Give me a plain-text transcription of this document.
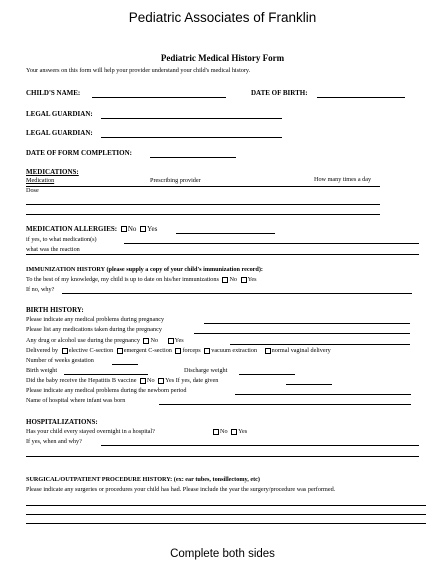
Pediatric Associates of Franklin
Pediatric Medical History Form
Your answers on this form will help your provider understand your child's medical history.
CHILD'S NAME:	DATE OF BIRTH:
LEGAL GUARDIAN:
LEGAL GUARDIAN:
DATE OF FORM COMPLETION:
MEDICATIONS:
Medication	Prescribing provider	How many times a day
Dose
MEDICATION ALLERGIES: No Yes
if yes, to what medication(s)
what was the reaction
IMMUNIZATION HISTORY (please supply a copy of your child's immunization record):
To the best of my knowledge, my child is up to date on his/her immunizations No Yes
If no, why?
BIRTH HISTORY:
Please indicate any medical problems during pregnancy
Please list any medications taken during the pregnancy
Any drug or alcohol use during the pregnancy No	Yes
Delivered by elective C-section emergent C-section forceps vacuum extraction normal vaginal delivery
Number of weeks gestation
Birth weight	Discharge weight
Did the baby receive the Hepatitis B vaccine No Yes If yes, date given
Please indicate any medical problems during the newborn period
Name of hospital where infant was born
HOSPITALIZATIONS:
Has your child every stayed overnight in a hospital?	No Yes
If yes, when and why?
SURGICAL/OUTPATIENT PROCEDURE HISTORY: (ex: ear tubes, tonsillectomy, etc)
Please indicate any surgeries or procedures your child has had. Please include the year the surgery/procedure was performed.
Complete both sides
